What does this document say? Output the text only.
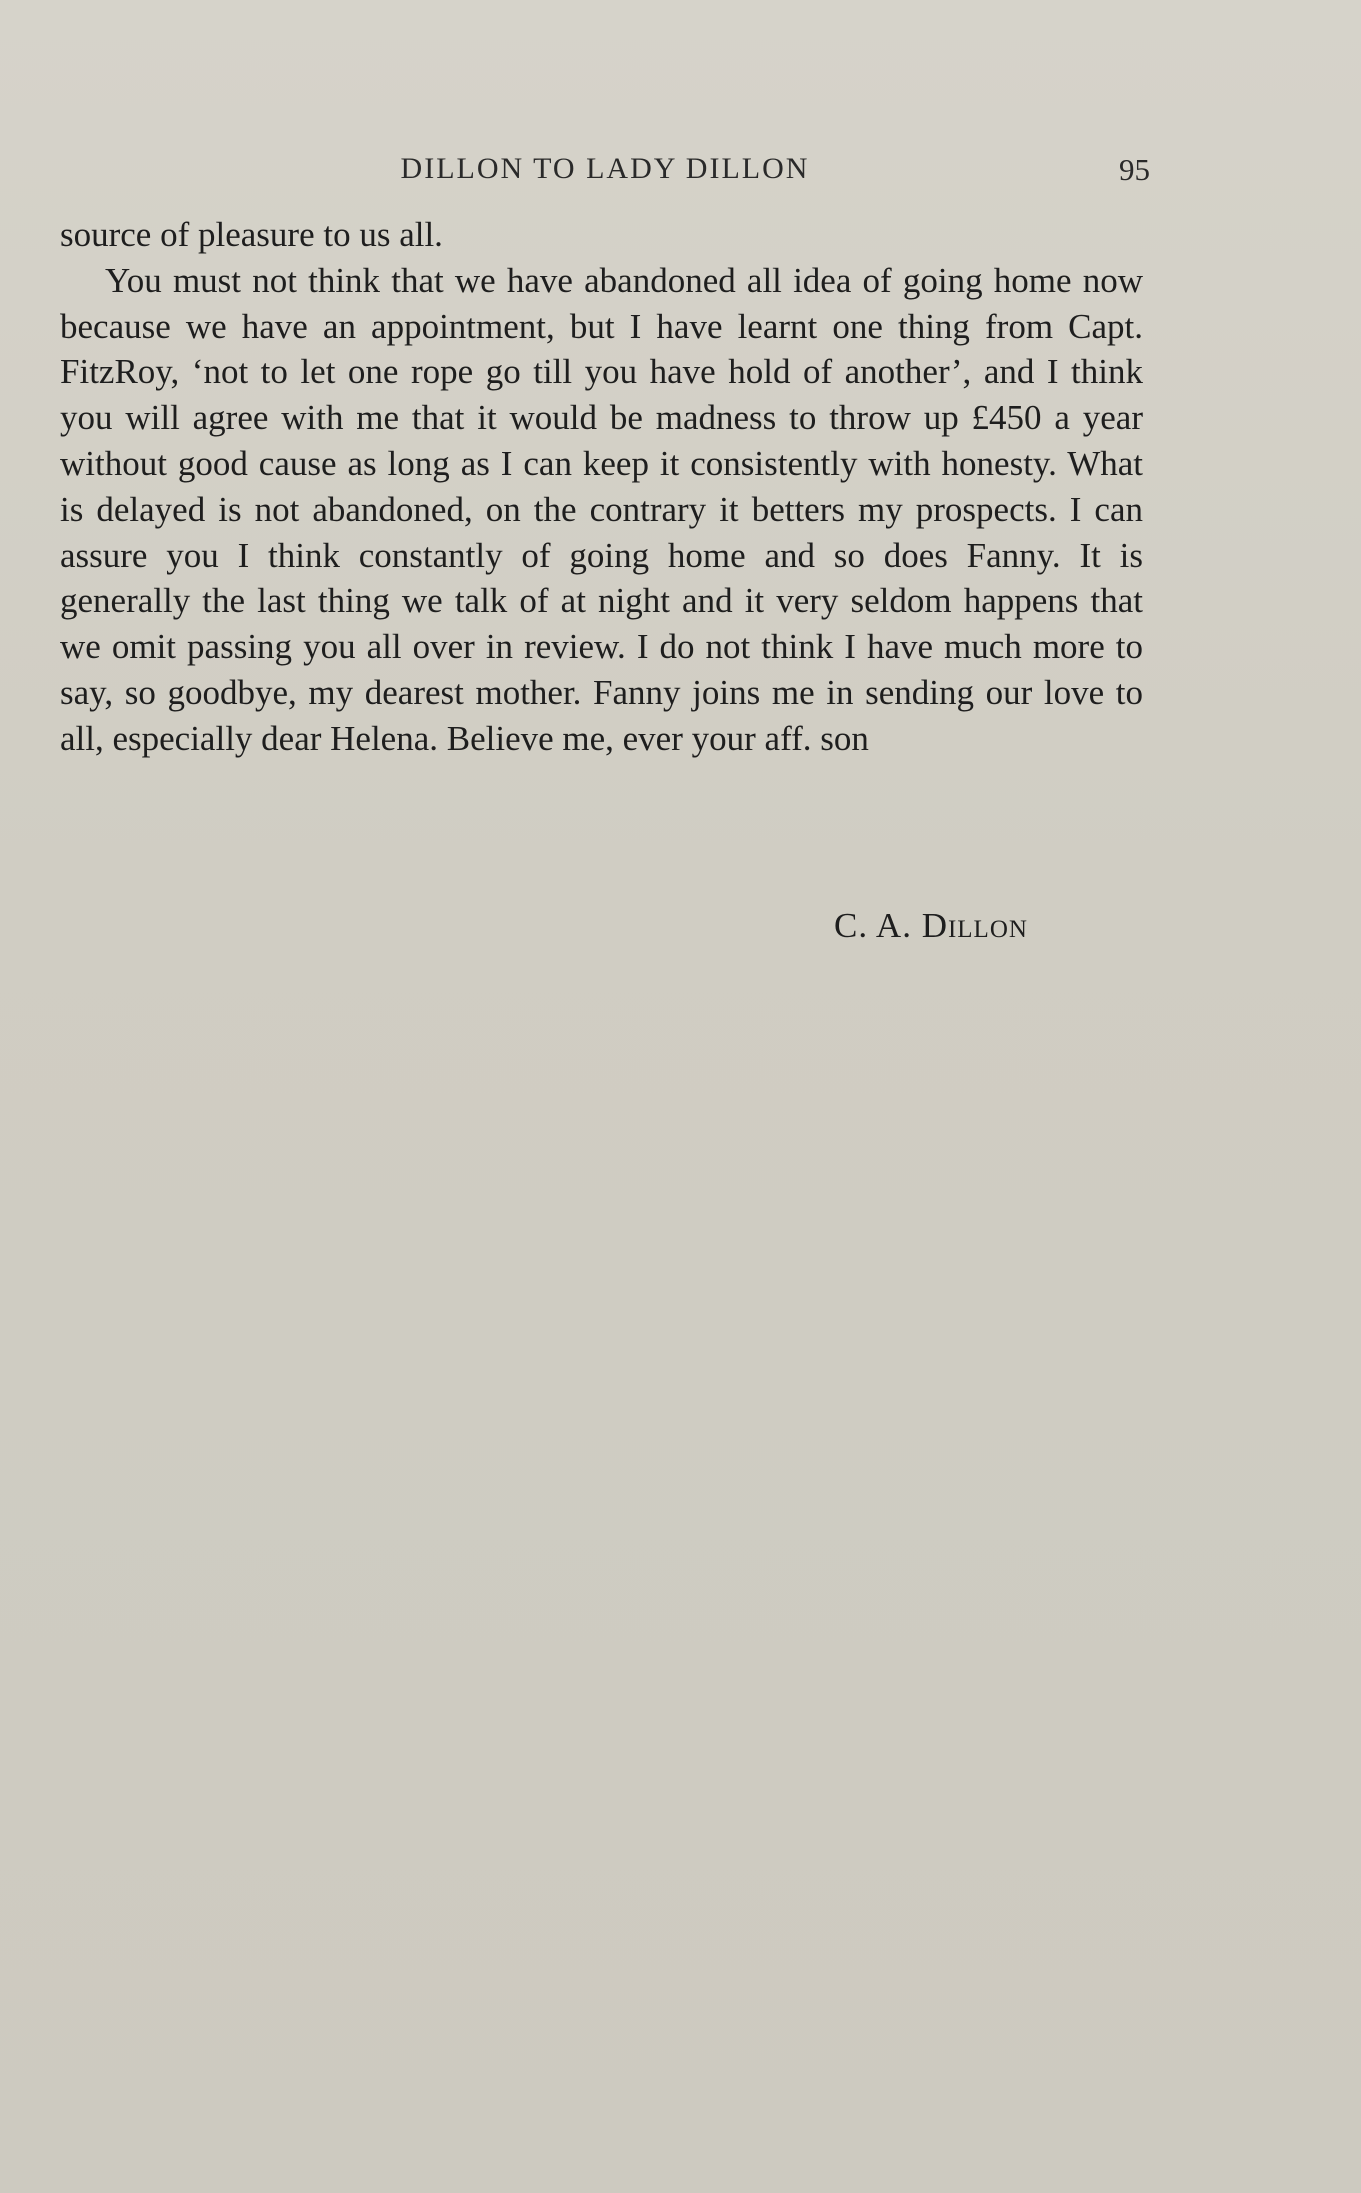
DILLON TO LADY DILLON	95

source of pleasure to us all.

You must not think that we have abandoned all idea of going home now because we have an appointment, but I have learnt one thing from Capt. FitzRoy, ‘not to let one rope go till you have hold of another’, and I think you will agree with me that it would be madness to throw up £450 a year without good cause as long as I can keep it consistently with honesty. What is delayed is not abandoned, on the contrary it betters my prospects. I can assure you I think constantly of going home and so does Fanny. It is generally the last thing we talk of at night and it very seldom happens that we omit passing you all over in review. I do not think I have much more to say, so goodbye, my dearest mother. Fanny joins me in sending our love to all, especially dear Helena. Believe me, ever your aff. son

C. A. Dillon
